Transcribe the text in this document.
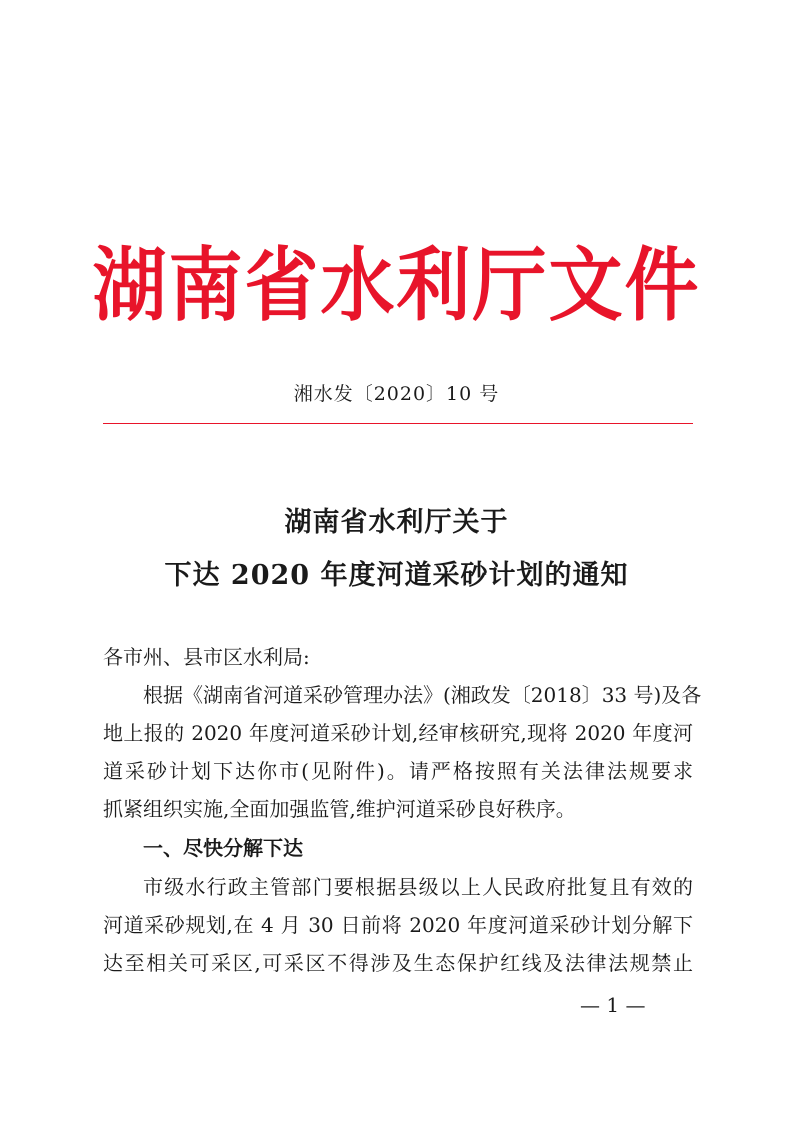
湖南省水利厅文件
湘水发〔2020〕10 号
湖南省水利厅关于
下达 2020 年度河道采砂计划的通知
各市州、县市区水利局:
根据《湖南省河道采砂管理办法》(湘政发〔2018〕33 号)及各
地上报的 2020 年度河道采砂计划,经审核研究,现将 2020 年度河
道采砂计划下达你市(见附件)。请严格按照有关法律法规要求
抓紧组织实施,全面加强监管,维护河道采砂良好秩序。
一、尽快分解下达
市级水行政主管部门要根据县级以上人民政府批复且有效的
河道采砂规划,在 4 月 30 日前将 2020 年度河道采砂计划分解下
达至相关可采区,可采区不得涉及生态保护红线及法律法规禁止
— 1 —
